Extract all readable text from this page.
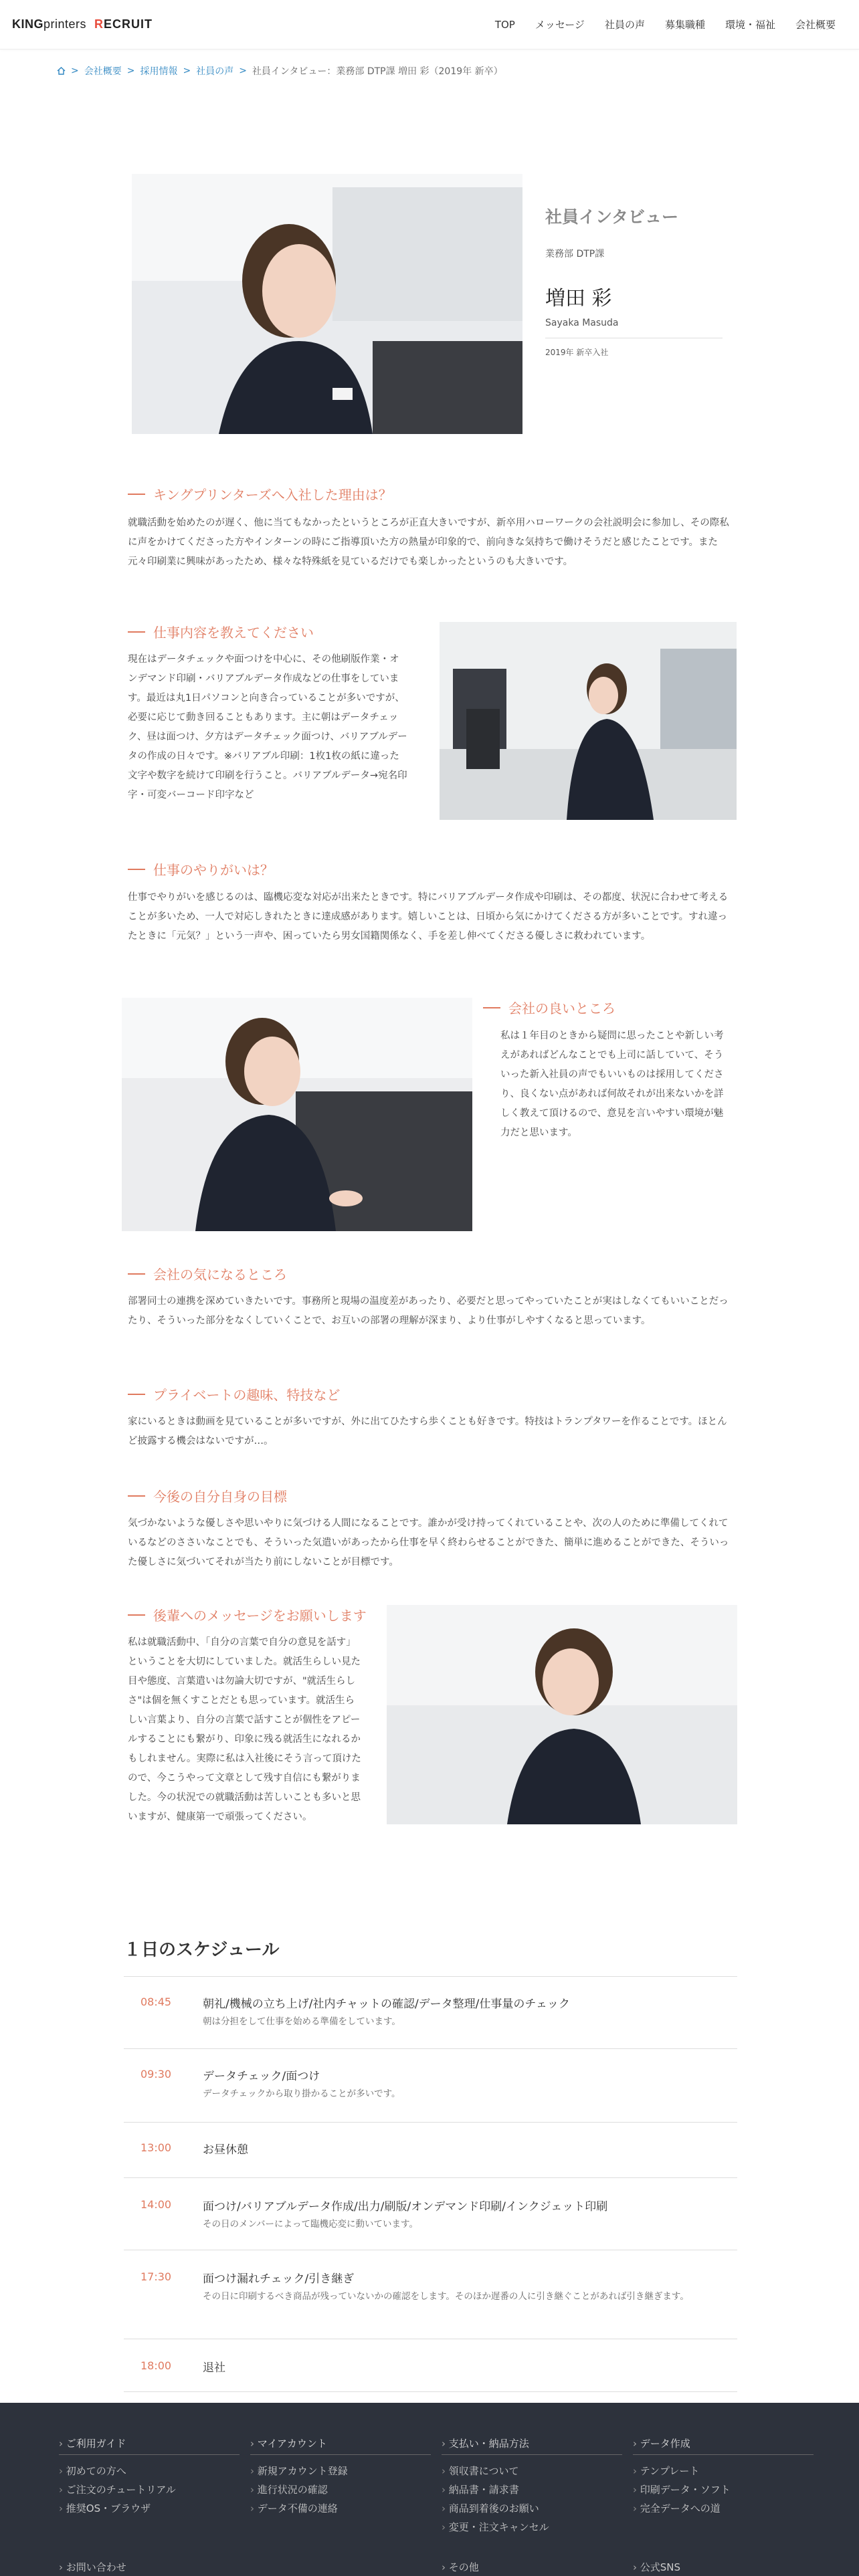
KING printers RECRUIT	TOP	メッセージ	社員の声	募集職種	環境・福祉	会社概要
> 会社概要 > 採用情報 > 社員の声 > 社員インタビュー：業務部 DTP課 増田 彩（2019年 新卒）
社員インタビュー
業務部 DTP課
増田 彩
Sayaka Masuda
2019年 新卒入社
キングプリンターズへ入社した理由は？
就職活動を始めたのが遅く、他に当てもなかったというところが正直大きいですが、新卒用ハローワークの会社説明会に参加し、その際私に声をかけてくださった方やインターンの時にご指導頂いた方の熱量が印象的で、前向きな気持ちで働けそうだと感じたことです。また元々印刷業に興味があったため、様々な特殊紙を見ているだけでも楽しかったというのも大きいです。
仕事内容を教えてください
現在はデータチェックや面つけを中心に、その他刷版作業・オンデマンド印刷・バリアブルデータ作成などの仕事をしています。最近は丸1日パソコンと向き合っていることが多いですが、必要に応じて動き回ることもあります。主に朝はデータチェック、昼は面つけ、夕方はデータチェック面つけ、バリアブルデータの作成の日々です。※バリアブル印刷：1枚1枚の紙に違った文字や数字を続けて印刷を行うこと。バリアブルデータ→宛名印字・可変バーコード印字など
仕事のやりがいは？
仕事でやりがいを感じるのは、臨機応変な対応が出来たときです。特にバリアブルデータ作成や印刷は、その都度、状況に合わせて考えることが多いため、一人で対応しきれたときに達成感があります。嬉しいことは、日頃から気にかけてくださる方が多いことです。すれ違ったときに「元気？」という一声や、困っていたら男女国籍関係なく、手を差し伸べてくださる優しさに救われています。
会社の良いところ
私は１年目のときから疑問に思ったことや新しい考えがあればどんなことでも上司に話していて、そういった新入社員の声でもいいものは採用してくださり、良くない点があれば何故それが出来ないかを詳しく教えて頂けるので、意見を言いやすい環境が魅力だと思います。
会社の気になるところ
部署同士の連携を深めていきたいです。事務所と現場の温度差があったり、必要だと思ってやっていたことが実はしなくてもいいことだったり、そういった部分をなくしていくことで、お互いの部署の理解が深まり、より仕事がしやすくなると思っています。
プライベートの趣味、特技など
家にいるときは動画を見ていることが多いですが、外に出てひたすら歩くことも好きです。特技はトランプタワーを作ることです。ほとんど披露する機会はないですが…。
今後の自分自身の目標
気づかないような優しさや思いやりに気づける人間になることです。誰かが受け持ってくれていることや、次の人のために準備してくれているなどのささいなことでも、そういった気遣いがあったから仕事を早く終わらせることができた、簡単に進めることができた、そういった優しさに気づいてそれが当たり前にしないことが目標です。
後輩へのメッセージをお願いします
私は就職活動中、「自分の言葉で自分の意見を話す」ということを大切にしていました。就活生らしい見た目や態度、言葉遣いは勿論大切ですが、"就活生らしさ"は個を無くすことだとも思っています。就活生らしい言葉より、自分の言葉で話すことが個性をアピールすることにも繋がり、印象に残る就活生になれるかもしれません。実際に私は入社後にそう言って頂けたので、今こうやって文章として残す自信にも繋がりました。今の状況での就職活動は苦しいことも多いと思いますが、健康第一で頑張ってください。
１日のスケジュール
08:45	朝礼/機械の立ち上げ/社内チャットの確認/データ整理/仕事量のチェック
朝は分担をして仕事を始める準備をしています。
09:30	データチェック/面つけ
データチェックから取り掛かることが多いです。
13:00	お昼休憩
14:00	面つけ/バリアブルデータ作成/出力/刷版/オンデマンド印刷/インクジェット印刷
その日のメンバーによって臨機応変に動いています。
17:30	面つけ漏れチェック/引き継ぎ
その日に印刷するべき商品が残っていないかの確認をします。そのほか遅番の人に引き継ぐことがあれば引き継ぎます。
18:00	退社
› ご利用ガイド
› 初めての方へ
› ご注文のチュートリアル
› 推奨OS・ブラウザ
› マイアカウント
› 新規アカウント登録
› 進行状況の確認
› データ不備の連絡
› 支払い・納品方法
› 領収書について
› 納品書・請求書
› 商品到着後のお願い
› 変更・注文キャンセル
› データ作成
› テンプレート
› 印刷データ・ソフト
› 完全データへの道
› お問い合わせ	› その他	› 公式SNS
